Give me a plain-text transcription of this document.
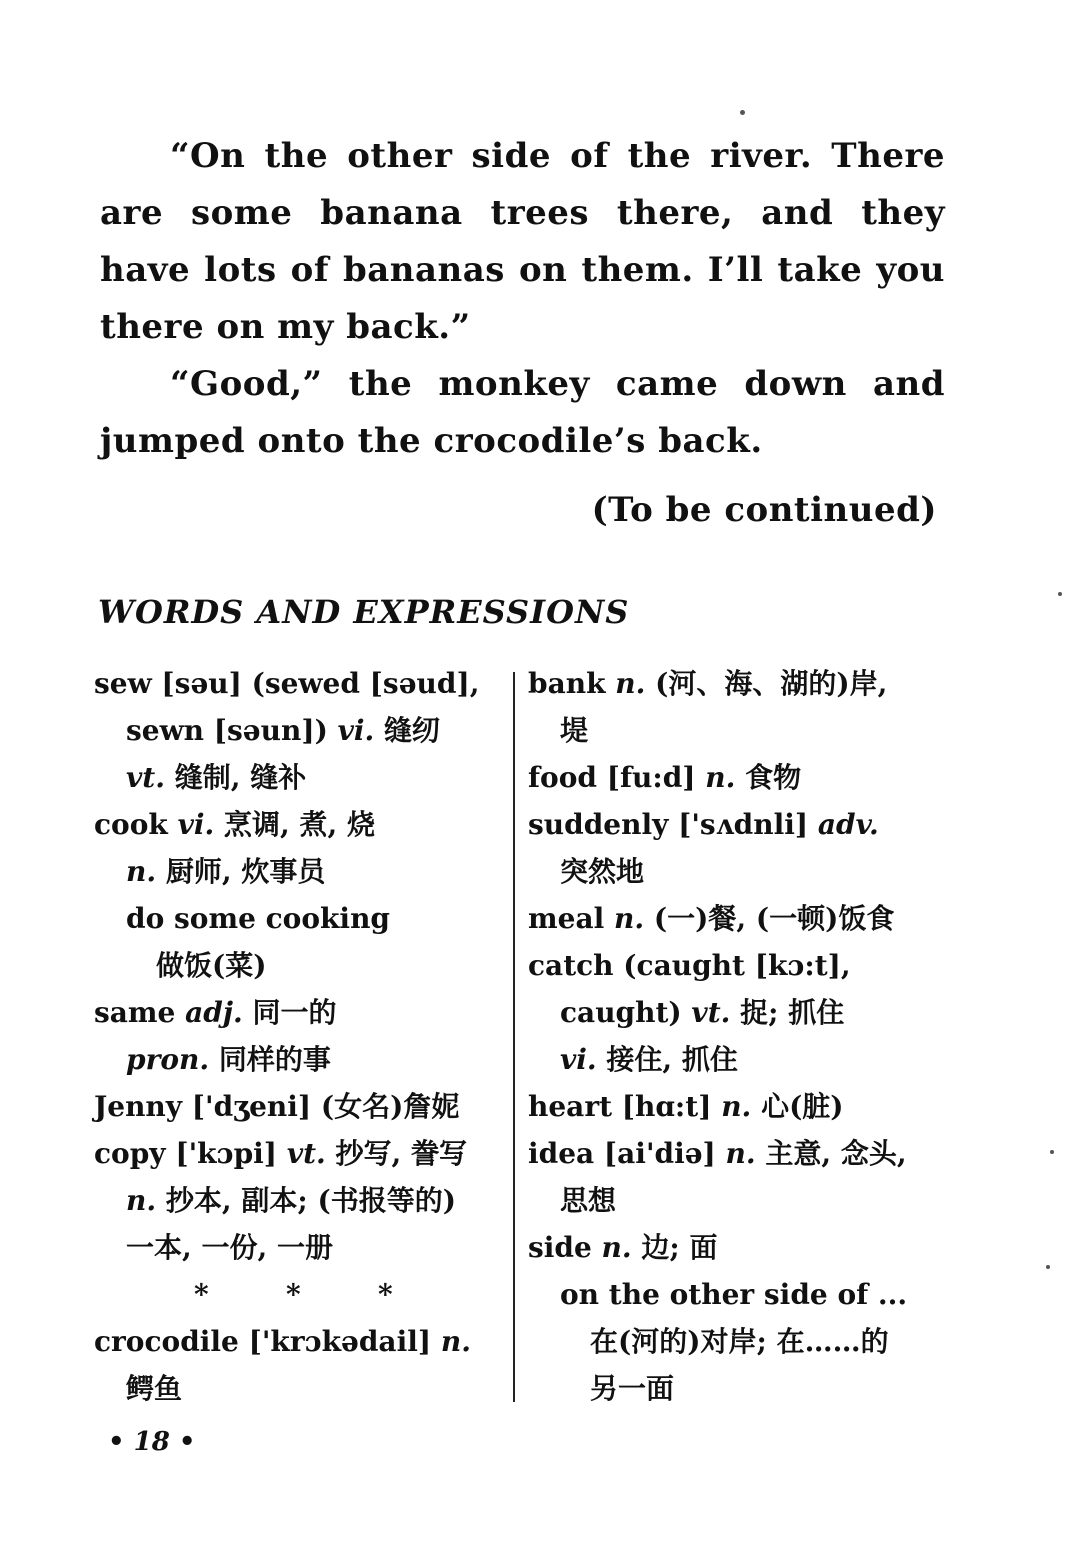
“On the other side of the river. There are some banana trees there, and they have lots of bananas on them. I’ll take you there on my back.”

“Good,” the monkey came down and jumped onto the crocodile’s back.

(To be continued)

WORDS AND EXPRESSIONS
sew [səu] (sewed [səud],
sewn [səun]) vi. 缝纫
vt. 缝制, 缝补
cook vi. 烹调, 煮, 烧
n. 厨师, 炊事员
do some cooking
做饭(菜)
same adj. 同一的
pron. 同样的事
Jenny ['dʒeni] (女名)詹妮
copy ['kɔpi] vt. 抄写, 誊写
n. 抄本, 副本; (书报等的)
一本, 一份, 一册
*	*	*
crocodile ['krɔkədail] n.
鳄鱼
bank n. (河、海、湖的)岸,
堤
food [fu:d] n. 食物
suddenly ['sʌdnli] adv.
突然地
meal n. (一)餐, (一顿)饭食
catch (caught [kɔ:t],
caught) vt. 捉; 抓住
vi. 接住, 抓住
heart [hɑ:t] n. 心(脏)
idea [ai'diə] n. 主意, 念头,
思想
side n. 边; 面
on the other side of ...
在(河的)对岸; 在……的
另一面
• 18 •
